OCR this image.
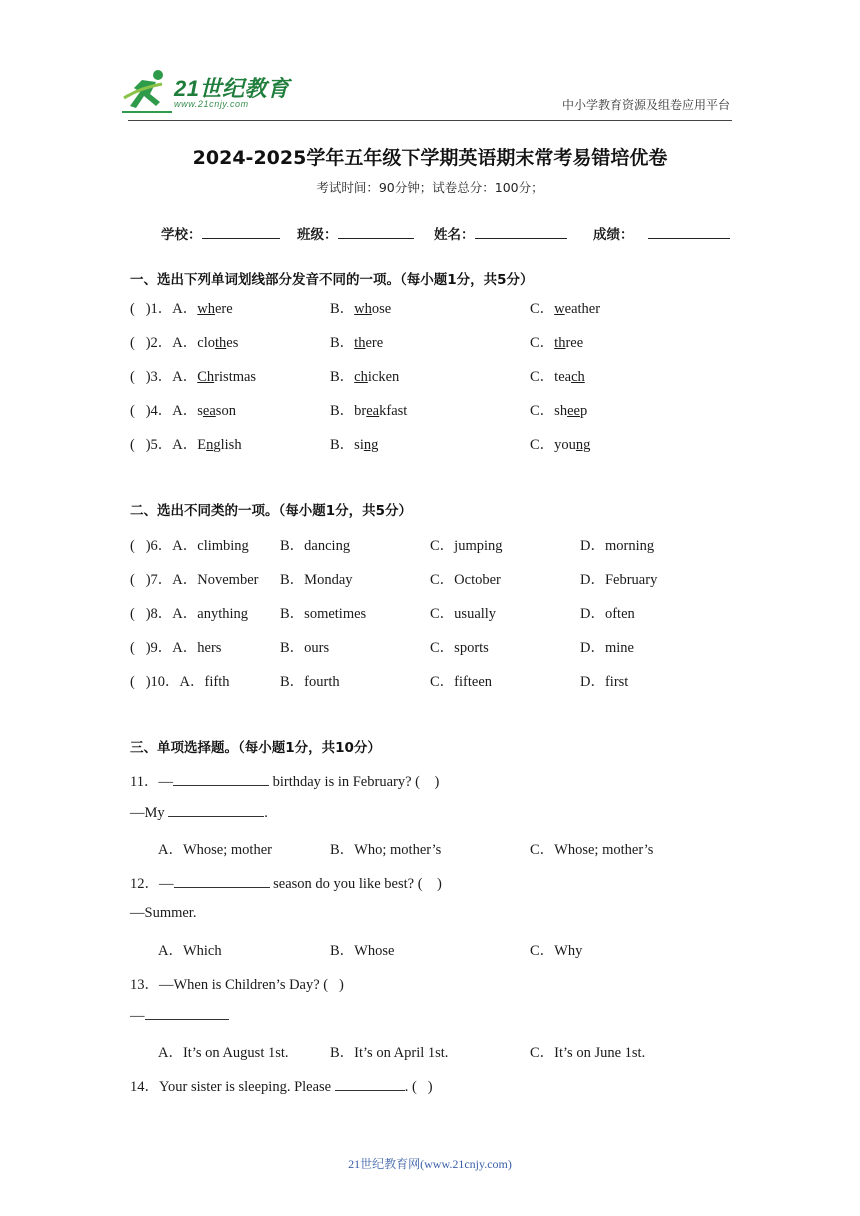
21世纪教育
www.21cnjy.com	中小学教育资源及组卷应用平台
2024-2025学年五年级下学期英语期末常考易错培优卷
考试时间：90分钟；试卷总分：100分；
学校：	班级：	姓名：	成绩：
一、选出下列单词划线部分发音不同的一项。（每小题1分，共5分）
(   )1．A．where	B．whose	C．weather
(   )2．A．clothes	B．there	C．three
(   )3．A．Christmas	B．chicken	C．teach
(   )4．A．season	B．breakfast	C．sheep
(   )5．A．English	B．sing	C．young
二、选出不同类的一项。（每小题1分，共5分）
(   )6．A．climbing B．dancing	C．jumping	D．morning
(   )7．A．November B．Monday	C．October	D．February
(   )8．A．anything B．sometimes	C．usually	D．often
(   )9．A．hers	B．ours	C．sports	D．mine
(   )10．A．fifth	B．fourth	C．fifteen	D．first
三、单项选择题。（每小题1分，共10分）
11．—	birthday is in February? (    )
—My	.
A．Whose; mother	B．Who; mother’s	C．Whose; mother’s
12．—	season do you like best? (    )
—Summer.
A．Which	B．Whose	C．Why
13．—When is Children’s Day? (   )
—
A．It’s on August 1st.	B．It’s on April 1st.	C．It’s on June 1st.
14．Your sister is sleeping. Please	. (   )
21世纪教育网(www.21cnjy.com)
